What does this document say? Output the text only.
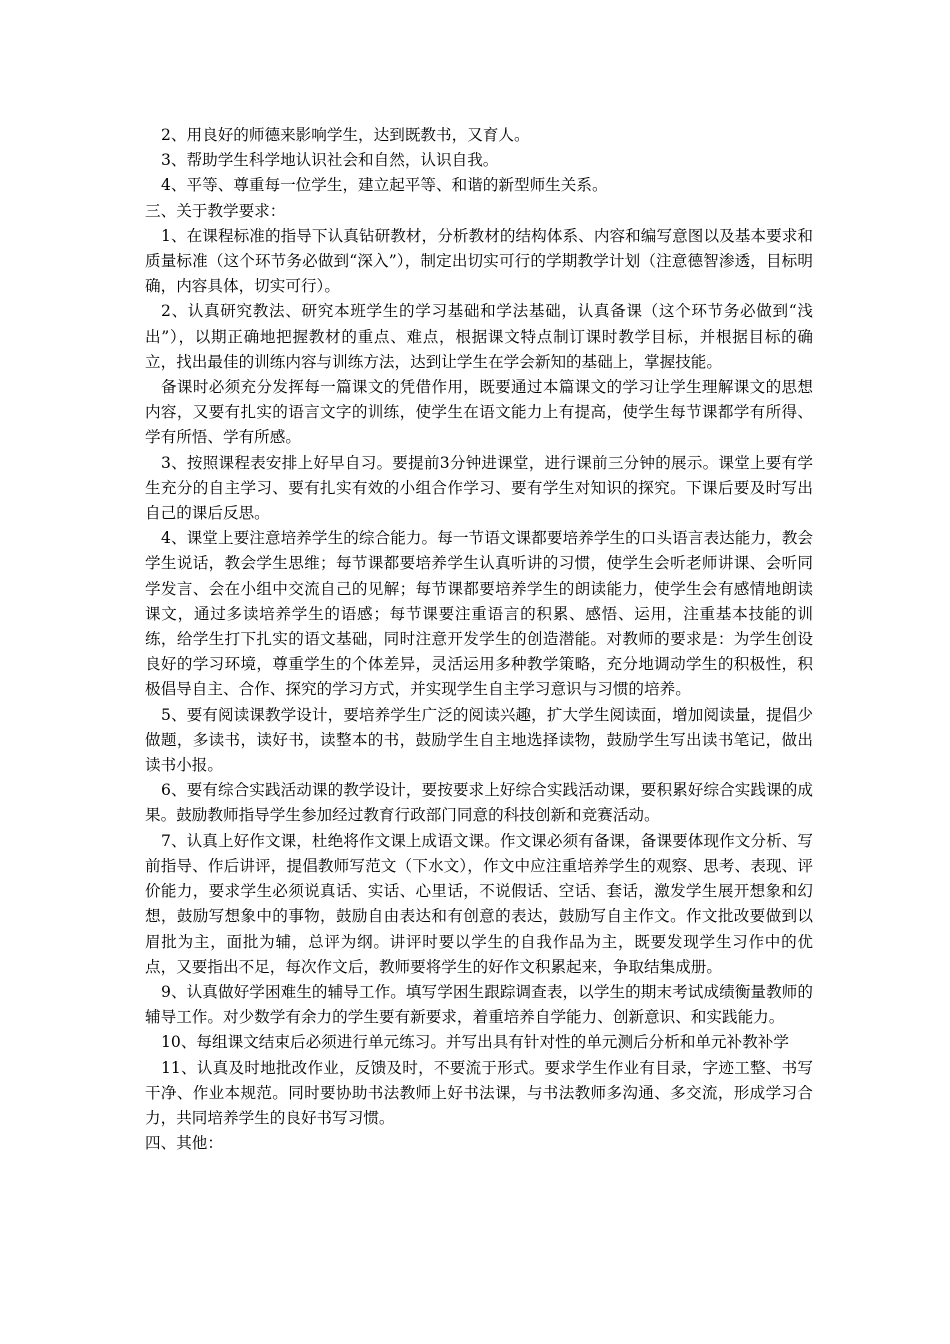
2、用良好的师德来影响学生，达到既教书，又育人。

3、帮助学生科学地认识社会和自然，认识自我。

4、平等、尊重每一位学生，建立起平等、和谐的新型师生关系。

三、关于教学要求：

1、在课程标准的指导下认真钻研教材，分析教材的结构体系、内容和编写意图以及基本要求和质量标准（这个环节务必做到“深入”），制定出切实可行的学期教学计划（注意德智渗透，目标明确，内容具体，切实可行）。

2、认真研究教法、研究本班学生的学习基础和学法基础，认真备课（这个环节务必做到“浅出”），以期正确地把握教材的重点、难点，根据课文特点制订课时教学目标，并根据目标的确立，找出最佳的训练内容与训练方法，达到让学生在学会新知的基础上，掌握技能。

备课时必须充分发挥每一篇课文的凭借作用，既要通过本篇课文的学习让学生理解课文的思想内容，又要有扎实的语言文字的训练，使学生在语文能力上有提高，使学生每节课都学有所得、学有所悟、学有所感。

3、按照课程表安排上好早自习。要提前3分钟进课堂，进行课前三分钟的展示。课堂上要有学生充分的自主学习、要有扎实有效的小组合作学习、要有学生对知识的探究。下课后要及时写出自己的课后反思。

4、课堂上要注意培养学生的综合能力。每一节语文课都要培养学生的口头语言表达能力，教会学生说话，教会学生思维；每节课都要培养学生认真听讲的习惯，使学生会听老师讲课、会听同学发言、会在小组中交流自己的见解；每节课都要培养学生的朗读能力，使学生会有感情地朗读课文，通过多读培养学生的语感；每节课要注重语言的积累、感悟、运用，注重基本技能的训练，给学生打下扎实的语文基础，同时注意开发学生的创造潜能。对教师的要求是：为学生创设良好的学习环境，尊重学生的个体差异，灵活运用多种教学策略，充分地调动学生的积极性，积极倡导自主、合作、探究的学习方式，并实现学生自主学习意识与习惯的培养。

5、要有阅读课教学设计，要培养学生广泛的阅读兴趣，扩大学生阅读面，增加阅读量，提倡少做题，多读书，读好书，读整本的书，鼓励学生自主地选择读物，鼓励学生写出读书笔记，做出读书小报。

6、要有综合实践活动课的教学设计，要按要求上好综合实践活动课，要积累好综合实践课的成果。鼓励教师指导学生参加经过教育行政部门同意的科技创新和竞赛活动。

7、认真上好作文课，杜绝将作文课上成语文课。作文课必须有备课，备课要体现作文分析、写前指导、作后讲评，提倡教师写范文（下水文），作文中应注重培养学生的观察、思考、表现、评价能力，要求学生必须说真话、实话、心里话，不说假话、空话、套话，激发学生展开想象和幻想，鼓励写想象中的事物，鼓励自由表达和有创意的表达，鼓励写自主作文。作文批改要做到以眉批为主，面批为辅，总评为纲。讲评时要以学生的自我作品为主，既要发现学生习作中的优点，又要指出不足，每次作文后，教师要将学生的好作文积累起来，争取结集成册。

9、认真做好学困难生的辅导工作。填写学困生跟踪调查表，以学生的期末考试成绩衡量教师的辅导工作。对少数学有余力的学生要有新要求，着重培养自学能力、创新意识、和实践能力。

10、每组课文结束后必须进行单元练习。并写出具有针对性的单元测后分析和单元补教补学

11、认真及时地批改作业，反馈及时，不要流于形式。要求学生作业有目录，字迹工整、书写干净、作业本规范。同时要协助书法教师上好书法课，与书法教师多沟通、多交流，形成学习合力，共同培养学生的良好书写习惯。

四、其他：
